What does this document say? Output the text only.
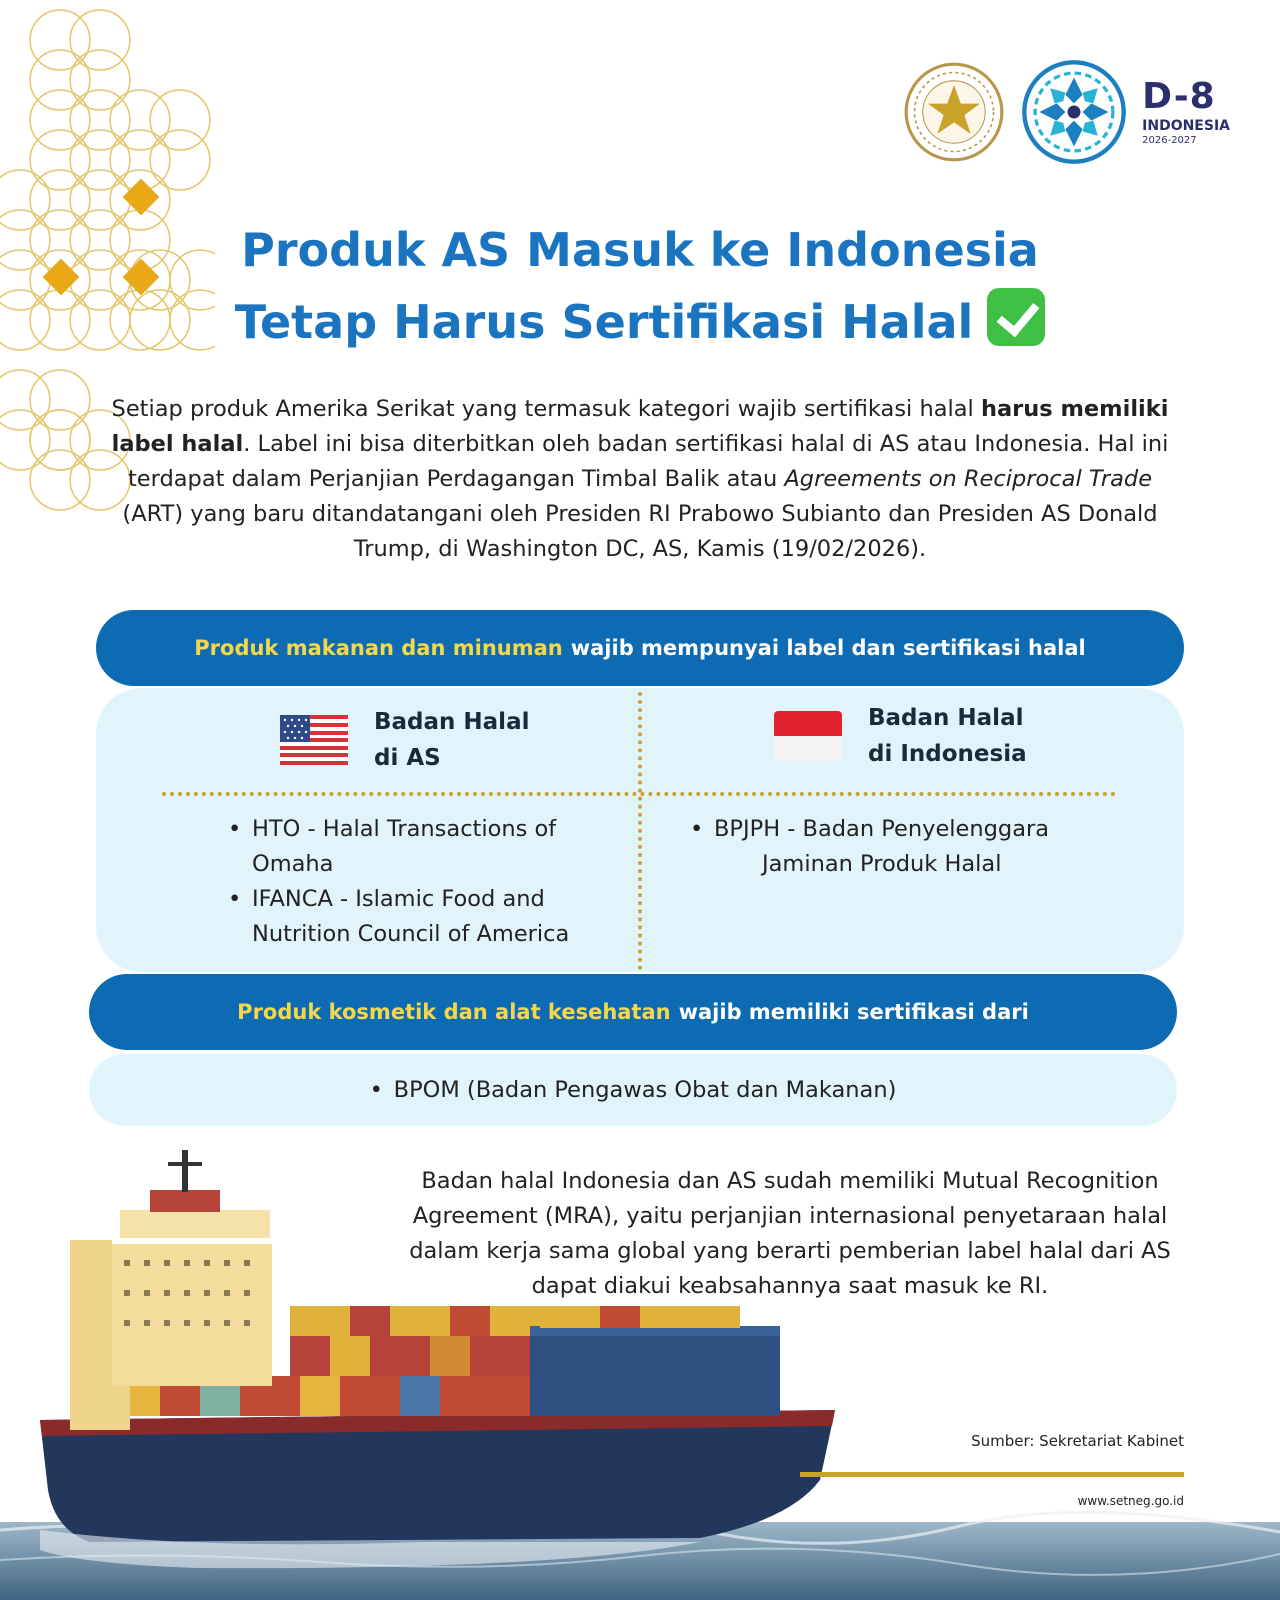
D-8
INDONESIA
2026-2027
Produk AS Masuk ke Indonesia
Tetap Harus Sertifikasi Halal

Setiap produk Amerika Serikat yang termasuk kategori wajib sertifikasi halal harus memiliki label halal. Label ini bisa diterbitkan oleh badan sertifikasi halal di AS atau Indonesia. Hal ini terdapat dalam Perjanjian Perdagangan Timbal Balik atau Agreements on Reciprocal Trade (ART) yang baru ditandatangani oleh Presiden RI Prabowo Subianto dan Presiden AS Donald Trump, di Washington DC, AS, Kamis (19/02/2026).

Produk makanan dan minuman wajib mempunyai label dan sertifikasi halal
Badan Halal
di AS
Badan Halal
di Indonesia
• HTO - Halal Transactions of Omaha
• IFANCA - Islamic Food and Nutrition Council of America
• BPJPH - Badan Penyelenggara
Jaminan Produk Halal
Produk kosmetik dan alat kesehatan wajib memiliki sertifikasi dari
• BPOM (Badan Pengawas Obat dan Makanan)

Badan halal Indonesia dan AS sudah memiliki Mutual Recognition Agreement (MRA), yaitu perjanjian internasional penyetaraan halal dalam kerja sama global yang berarti pemberian label halal dari AS dapat diakui keabsahannya saat masuk ke RI.

Sumber: Sekretariat Kabinet
www.setneg.go.id
